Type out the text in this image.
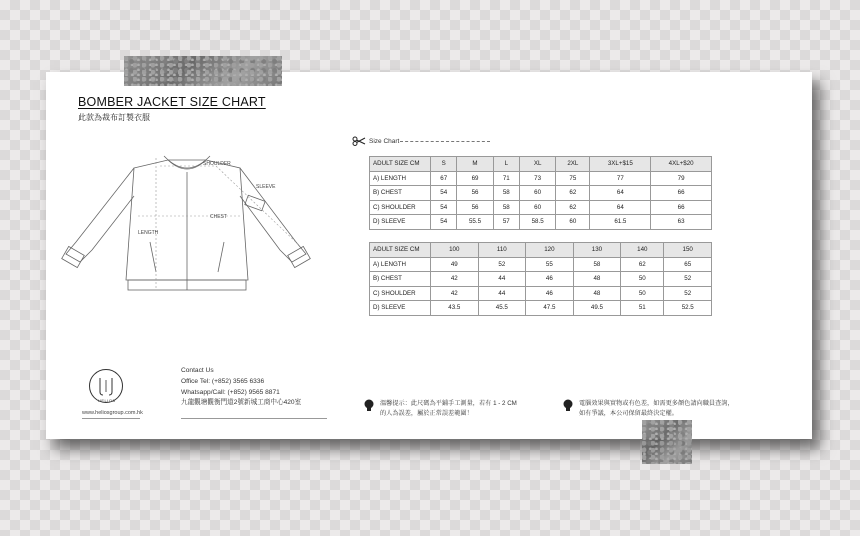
BOMBER JACKET SIZE CHART
此款為裁布訂製衣服
SHOULDER
SLEEVE
CHEST
LENGTH
Size Chart
ADULT SIZE CM	S	M	L	XL	2XL	3XL+$15	4XL+$20
A) LENGTH	67	69	71	73	75	77	79
B) CHEST	54	56	58	60	62	64	66
C) SHOULDER	54	56	58	60	62	64	66
D) SLEEVE	54	55.5	57	58.5	60	61.5	63
ADULT SIZE CM	100	110	120	130	140	150
A) LENGTH	49	52	55	58	62	65
B) CHEST	42	44	46	48	50	52
C) SHOULDER	42	44	46	48	50	52
D) SLEEVE	43.5	45.5	47.5	49.5	51	52.5
HELIOS
www.heliosgroup.com.hk
Contact Us
Office Tel: (+852) 3565 6336
Whatsapp/Call: (+852) 9565 8871
九龍觀塘觀衡門道2號新城工商中心420室	溫馨提示：此尺碼為平鋪手工測量，若有 1 - 2 CM
的人為誤差，屬於正常誤差範圍！
電腦效果與實物或有色差，如需更多顏色請向職員查詢，
如有爭議，本公司保留最終決定權。
